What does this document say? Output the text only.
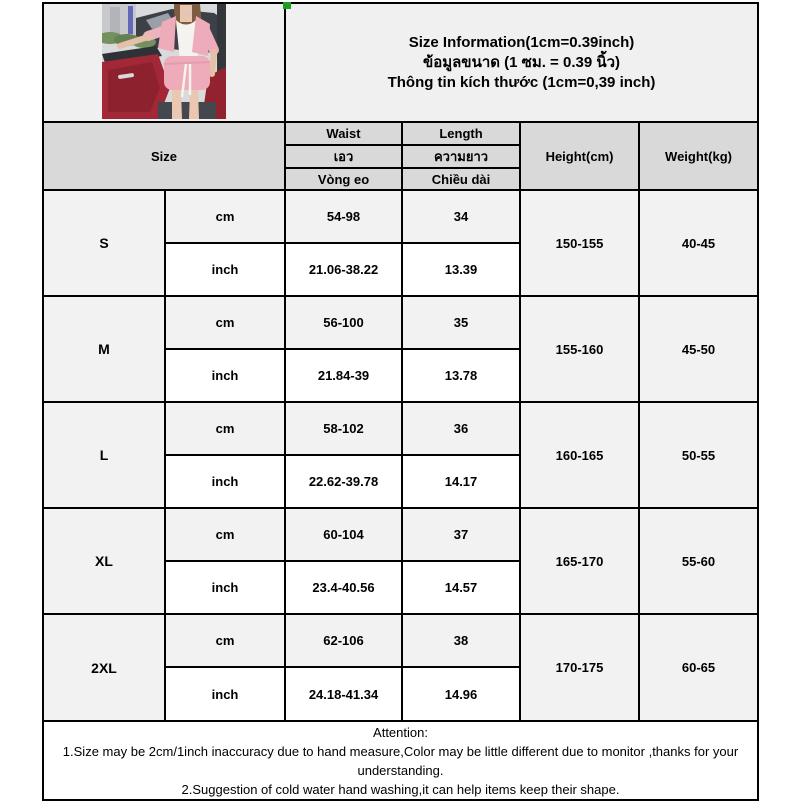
Size Information(1cm=0.39inch)
ข้อมูลขนาด (1 ซม. = 0.39 นิ้ว)
Thông tin kích thước (1cm=0,39 inch)
Size		Waist	Length	Height(cm)	Weight(kg)
		เอว	ความยาว		
		Vòng eo	Chiều dài		
S	cm	54-98	34	150-155	40-45
	inch	21.06-38.22	13.39		
M	cm	56-100	35	155-160	45-50
	inch	21.84-39	13.78		
L	cm	58-102	36	160-165	50-55
	inch	22.62-39.78	14.17		
XL	cm	60-104	37	165-170	55-60
	inch	23.4-40.56	14.57		
2XL	cm	62-106	38	170-175	60-65
	inch	24.18-41.34	14.96		
Attention:
1.Size may be 2cm/1inch inaccuracy due to hand measure,Color may be little different due to monitor ,thanks for your understanding.
2.Suggestion of cold water hand washing,it can help items keep their shape.
